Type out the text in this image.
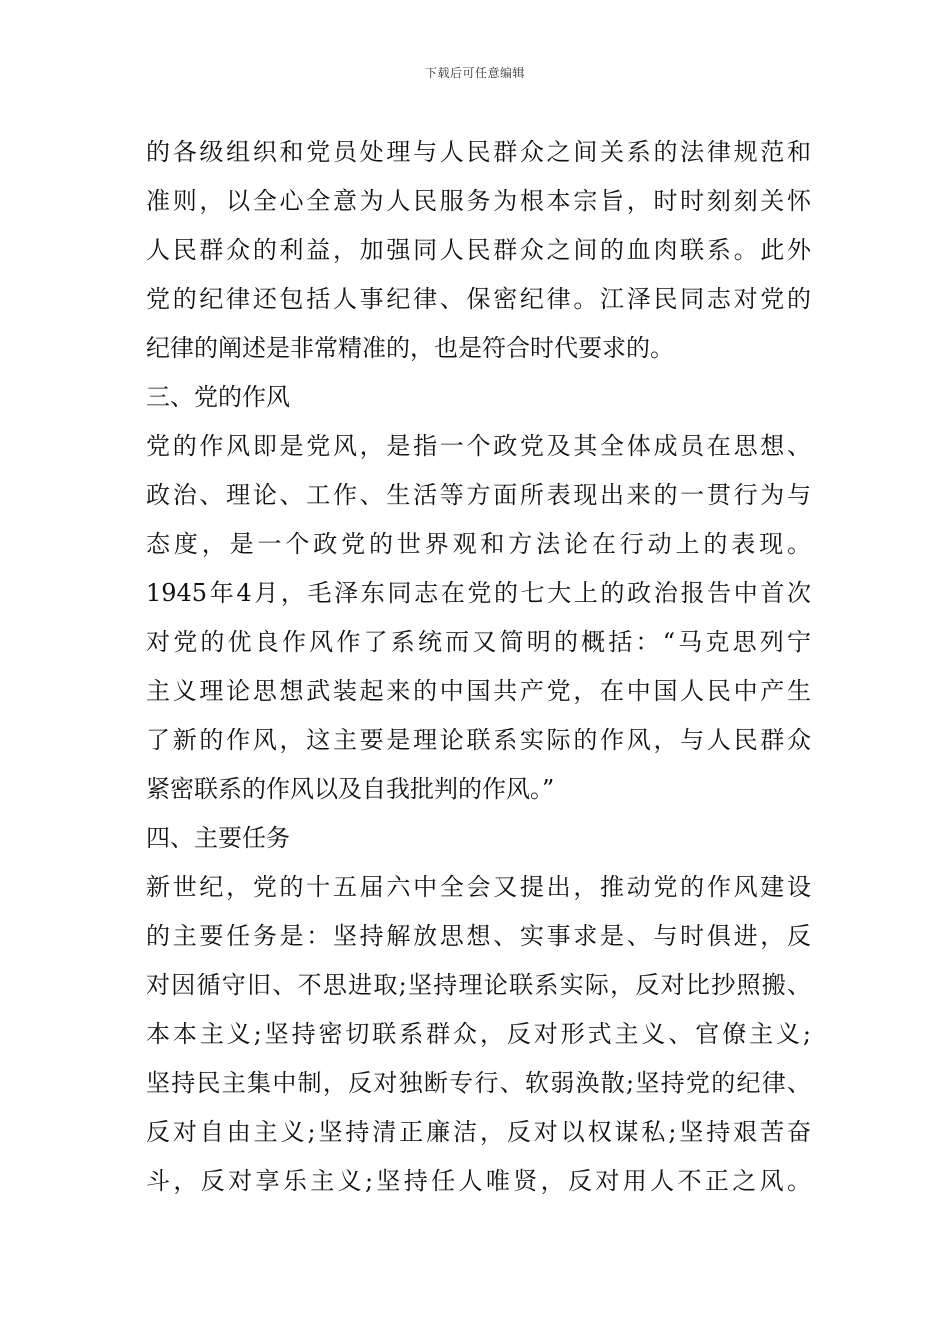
下载后可任意编辑
的各级组织和党员处理与人民群众之间关系的法律规范和
准则，以全心全意为人民服务为根本宗旨，时时刻刻关怀
人民群众的利益，加强同人民群众之间的血肉联系。此外
党的纪律还包括人事纪律、保密纪律。江泽民同志对党的
纪律的阐述是非常精准的，也是符合时代要求的。
三、党的作风
党的作风即是党风，是指一个政党及其全体成员在思想、
政治、理论、工作、生活等方面所表现出来的一贯行为与
态度，是一个政党的世界观和方法论在行动上的表现。
1945年4月，毛泽东同志在党的七大上的政治报告中首次
对党的优良作风作了系统而又简明的概括：“马克思列宁
主义理论思想武装起来的中国共产党，在中国人民中产生
了新的作风，这主要是理论联系实际的作风，与人民群众
紧密联系的作风以及自我批判的作风。”
四、主要任务
新世纪，党的十五届六中全会又提出，推动党的作风建设
的主要任务是：坚持解放思想、实事求是、与时俱进，反
对因循守旧、不思进取;坚持理论联系实际，反对比抄照搬、
本本主义;坚持密切联系群众，反对形式主义、官僚主义;
坚持民主集中制，反对独断专行、软弱涣散;坚持党的纪律、
反对自由主义;坚持清正廉洁，反对以权谋私;坚持艰苦奋
斗，反对享乐主义;坚持任人唯贤，反对用人不正之风。
